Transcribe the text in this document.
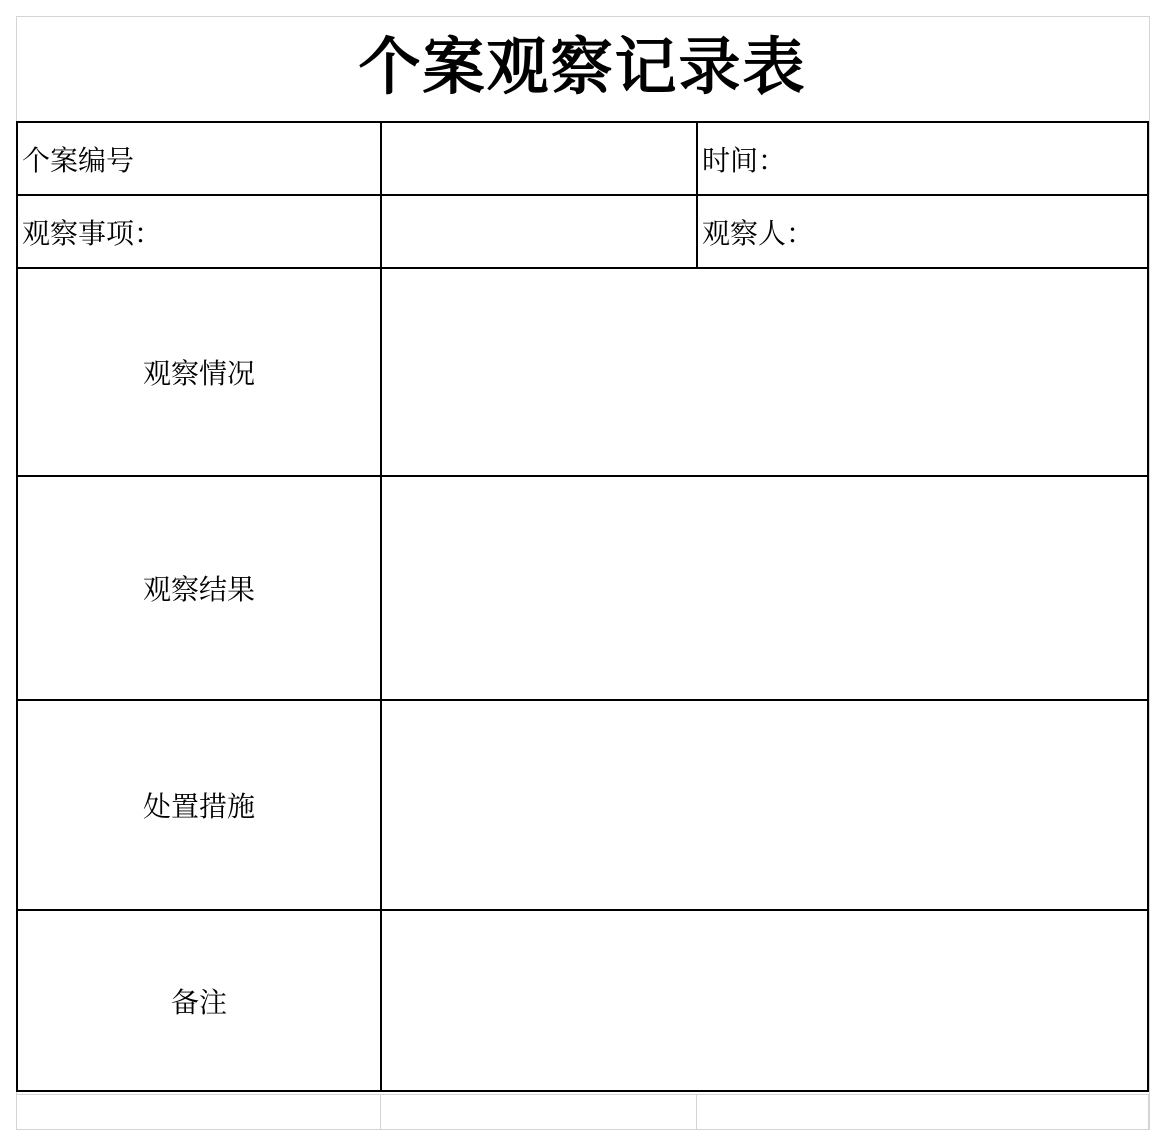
个案观察记录表
个案编号	时间：
观察事项：	观察人：
观察情况
观察结果
处置措施
备注
